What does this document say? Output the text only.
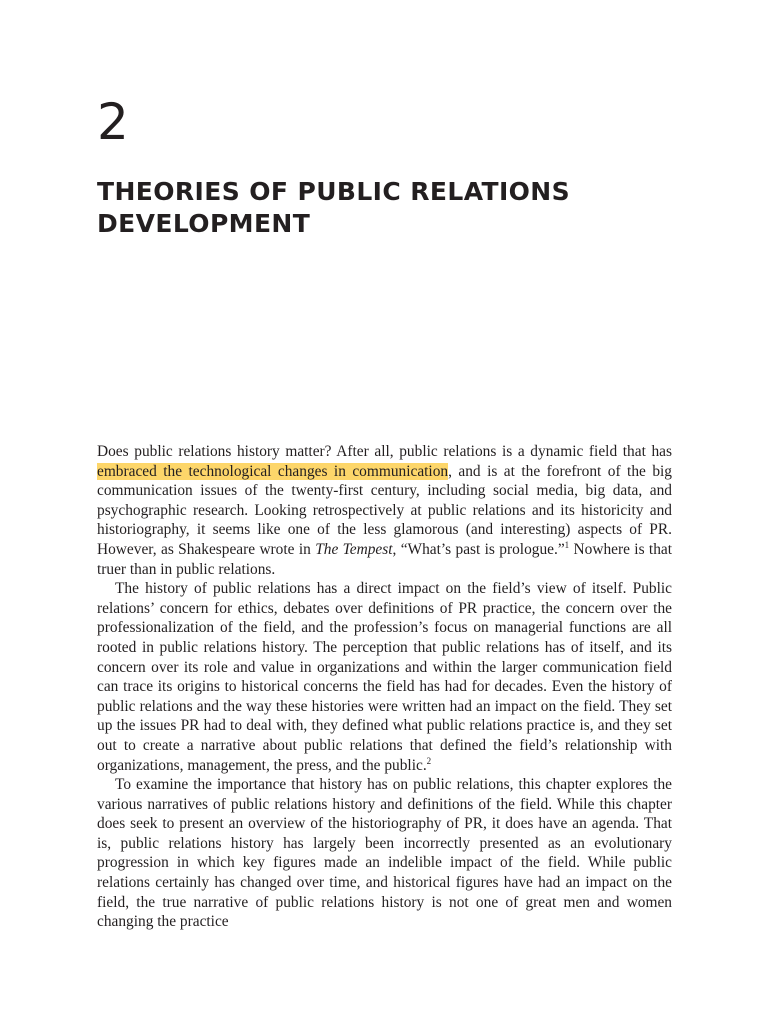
2
THEORIES OF PUBLIC RELATIONS
DEVELOPMENT

Does public relations history matter? After all, public relations is a dynamic field that has embraced the technological changes in communication, and is at the forefront of the big communication issues of the twenty-first century, including social media, big data, and psychographic research. Looking retrospectively at public relations and its historicity and historiography, it seems like one of the less glamorous (and interesting) aspects of PR. However, as Shakespeare wrote in The Tempest, “What’s past is prologue.”$^1$ Nowhere is that truer than in public relations.

The history of public relations has a direct impact on the field’s view of itself. Public relations’ concern for ethics, debates over definitions of PR practice, the concern over the professionalization of the field, and the profession’s focus on managerial functions are all rooted in public relations history. The perception that public relations has of itself, and its concern over its role and value in organizations and within the larger communication field can trace its origins to historical concerns the field has had for decades. Even the history of public relations and the way these histories were written had an impact on the field. They set up the issues PR had to deal with, they defined what public relations practice is, and they set out to create a narrative about public relations that defined the field’s relationship with organizations, management, the press, and the public.$^2$

To examine the importance that history has on public relations, this chapter explores the various narratives of public relations history and definitions of the field. While this chapter does seek to present an overview of the historiography of PR, it does have an agenda. That is, public relations history has largely been incorrectly presented as an evolutionary progression in which key figures made an indelible impact of the field. While public relations certainly has changed over time, and historical figures have had an impact on the field, the true narrative of public relations history is not one of great men and women changing the practice
